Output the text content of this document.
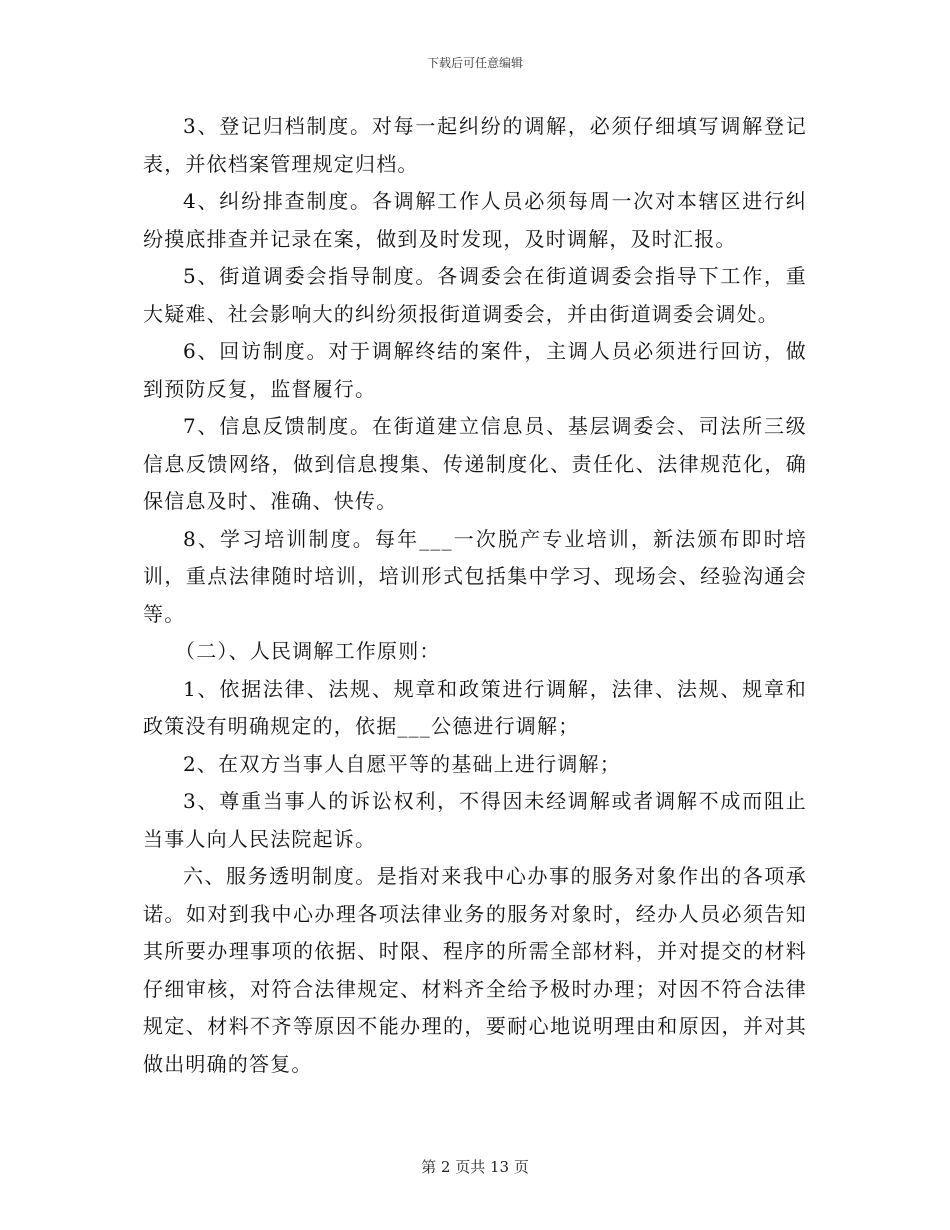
下载后可任意编辑

3、登记归档制度。对每一起纠纷的调解，必须仔细填写调解登记表，并依档案管理规定归档。

4、纠纷排查制度。各调解工作人员必须每周一次对本辖区进行纠纷摸底排查并记录在案，做到及时发现，及时调解，及时汇报。

5、街道调委会指导制度。各调委会在街道调委会指导下工作，重大疑难、社会影响大的纠纷须报街道调委会，并由街道调委会调处。

6、回访制度。对于调解终结的案件，主调人员必须进行回访，做到预防反复，监督履行。

7、信息反馈制度。在街道建立信息员、基层调委会、司法所三级信息反馈网络，做到信息搜集、传递制度化、责任化、法律规范化，确保信息及时、准确、快传。

8、学习培训制度。每年___一次脱产专业培训，新法颁布即时培训，重点法律随时培训，培训形式包括集中学习、现场会、经验沟通会等。

（二）、人民调解工作原则：

1、依据法律、法规、规章和政策进行调解，法律、法规、规章和政策没有明确规定的，依据___公德进行调解；

2、在双方当事人自愿平等的基础上进行调解；

3、尊重当事人的诉讼权利，不得因未经调解或者调解不成而阻止当事人向人民法院起诉。

六、服务透明制度。是指对来我中心办事的服务对象作出的各项承诺。如对到我中心办理各项法律业务的服务对象时，经办人员必须告知其所要办理事项的依据、时限、程序的所需全部材料，并对提交的材料仔细审核，对符合法律规定、材料齐全给予极时办理；对因不符合法律规定、材料不齐等原因不能办理的，要耐心地说明理由和原因，并对其做出明确的答复。

第 2 页共 13 页
